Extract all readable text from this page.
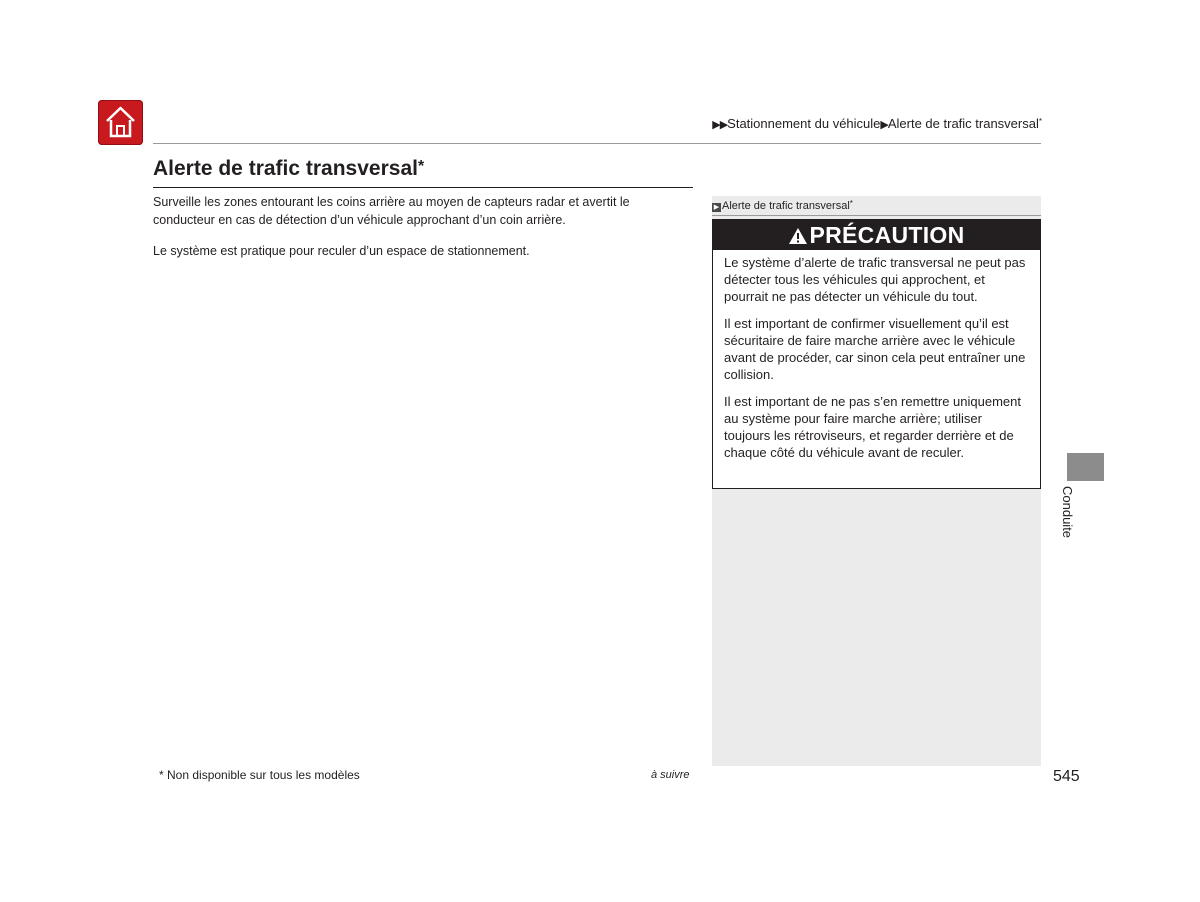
▶▶Stationnement du véhicule▶Alerte de trafic transversal*
Alerte de trafic transversal*

Surveille les zones entourant les coins arrière au moyen de capteurs radar et avertit le conducteur en cas de détection d’un véhicule approchant d’un coin arrière.

Le système est pratique pour reculer d’un espace de stationnement.

▶ Alerte de trafic transversal*
PRÉCAUTION

Le système d’alerte de trafic transversal ne peut pas détecter tous les véhicules qui approchent, et pourrait ne pas détecter un véhicule du tout.

Il est important de confirmer visuellement qu’il est sécuritaire de faire marche arrière avec le véhicule avant de procéder, car sinon cela peut entraîner une collision.

Il est important de ne pas s’en remettre uniquement au système pour faire marche arrière; utiliser toujours les rétroviseurs, et regarder derrière et de chaque côté du véhicule avant de reculer.

Conduite
* Non disponible sur tous les modèles	à suivre	545
